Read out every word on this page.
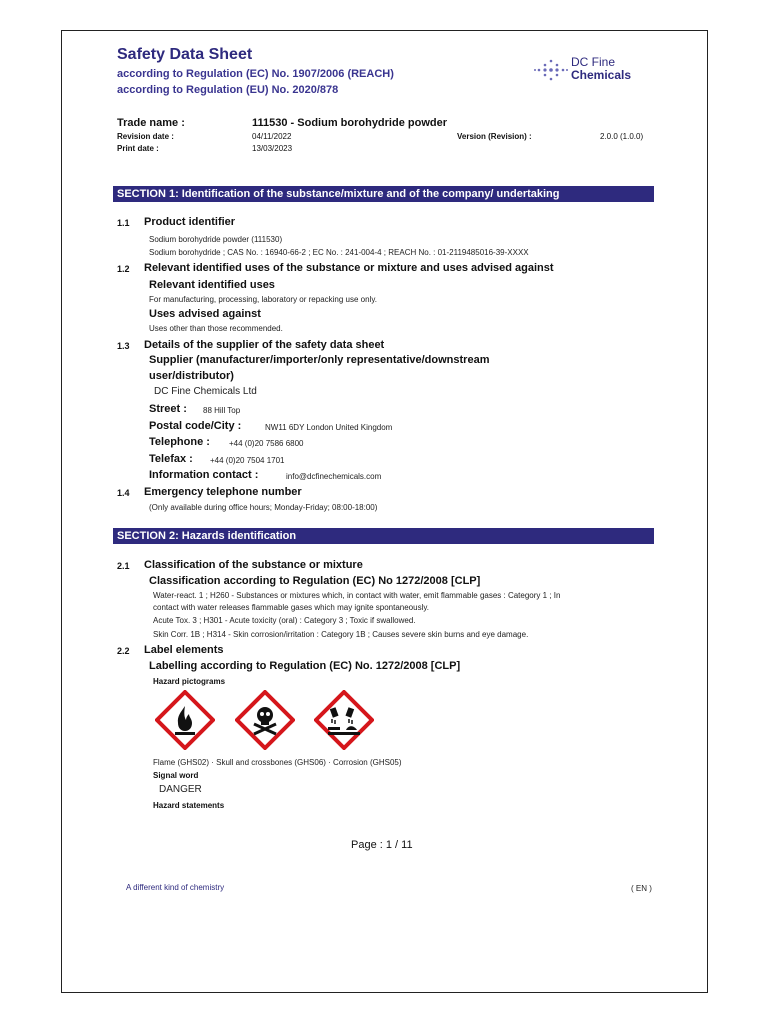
Safety Data Sheet
according to Regulation (EC) No. 1907/2006 (REACH)
according to Regulation (EU) No. 2020/878
DC Fine
Chemicals
Trade name :	111530 - Sodium borohydride powder
Revision date :	04/11/2022
Print date :	13/03/2023
Version (Revision) :	2.0.0 (1.0.0)
SECTION 1: Identification of the substance/mixture and of the company/ undertaking
1.1 Product identifier
Sodium borohydride powder (111530)
Sodium borohydride ; CAS No. : 16940-66-2 ; EC No. : 241-004-4 ; REACH No. : 01-2119485016-39-XXXX
1.2 Relevant identified uses of the substance or mixture and uses advised against
Relevant identified uses
For manufacturing, processing, laboratory or repacking use only.
Uses advised against
Uses other than those recommended.
1.3 Details of the supplier of the safety data sheet
Supplier (manufacturer/importer/only representative/downstream
user/distributor)
DC Fine Chemicals Ltd
Street : 88 Hill Top
Postal code/City :	NW11 6DY London United Kingdom
Telephone : +44 (0)20 7586 6800
Telefax : +44 (0)20 7504 1701
Information contact :	info@dcfinechemicals.com
1.4 Emergency telephone number
(Only available during office hours; Monday-Friday; 08:00-18:00)
SECTION 2: Hazards identification
2.1 Classification of the substance or mixture
Classification according to Regulation (EC) No 1272/2008 [CLP]
Water-react. 1 ; H260 - Substances or mixtures which, in contact with water, emit flammable gases : Category 1 ; In
contact with water releases flammable gases which may ignite spontaneously.
Acute Tox. 3 ; H301 - Acute toxicity (oral) : Category 3 ; Toxic if swallowed.
Skin Corr. 1B ; H314 - Skin corrosion/irritation : Category 1B ; Causes severe skin burns and eye damage.
2.2 Label elements
Labelling according to Regulation (EC) No. 1272/2008 [CLP]
Hazard pictograms
Flame (GHS02) · Skull and crossbones (GHS06) · Corrosion (GHS05)
Signal word
DANGER
Hazard statements
Page : 1 / 11
A different kind of chemistry	( EN )
